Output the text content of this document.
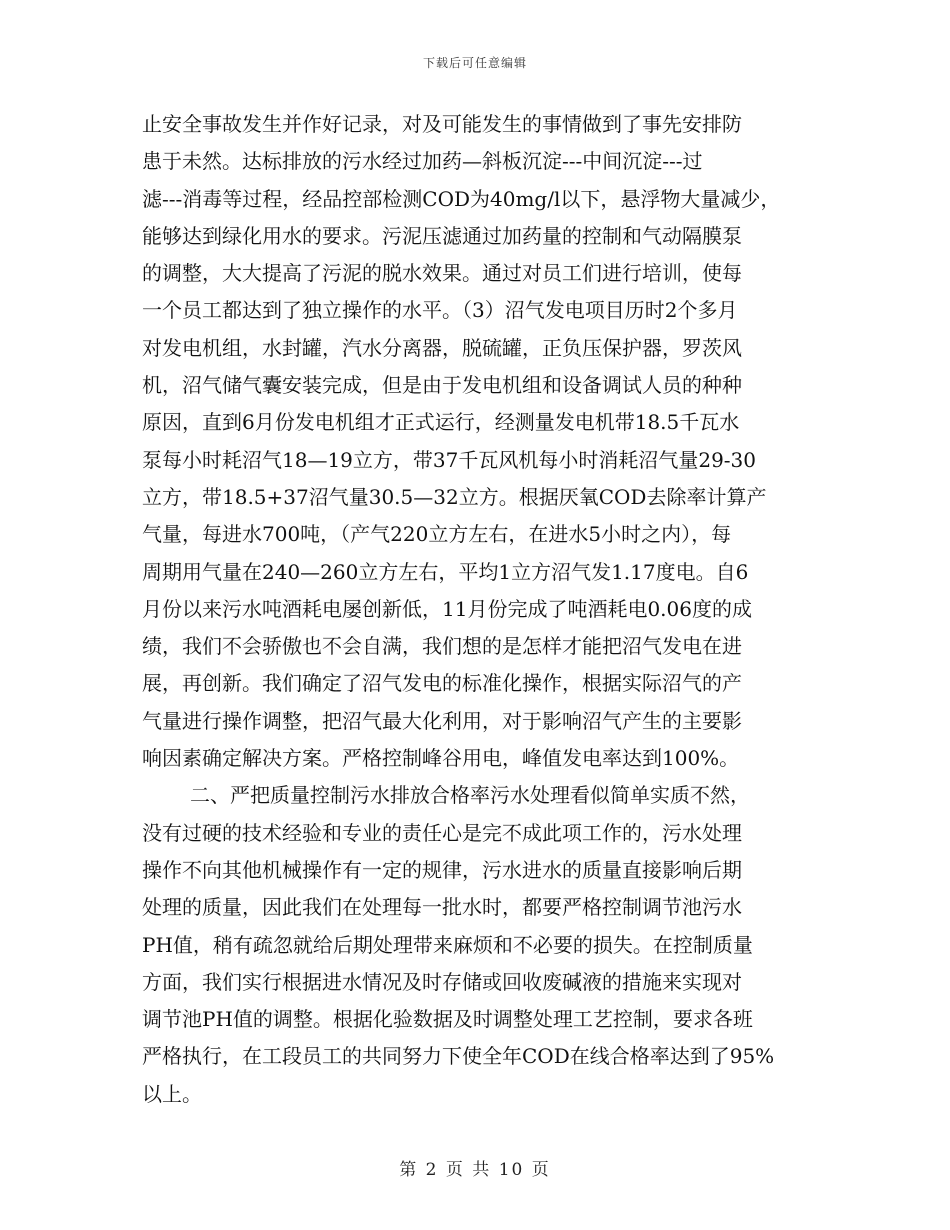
下载后可任意编辑
止安全事故发生并作好记录，对及可能发生的事情做到了事先安排防
患于未然。达标排放的污水经过加药—斜板沉淀---中间沉淀---过
滤---消毒等过程，经品控部检测COD为40mg/l以下，悬浮物大量减少，
能够达到绿化用水的要求。污泥压滤通过加药量的控制和气动隔膜泵
的调整，大大提高了污泥的脱水效果。通过对员工们进行培训，使每
一个员工都达到了独立操作的水平。（3）沼气发电项目历时2个多月
对发电机组，水封罐，汽水分离器，脱硫罐，正负压保护器，罗茨风
机，沼气储气囊安装完成，但是由于发电机组和设备调试人员的种种
原因，直到6月份发电机组才正式运行，经测量发电机带18.5千瓦水
泵每小时耗沼气18—19立方，带37千瓦风机每小时消耗沼气量29-30
立方，带18.5+37沼气量30.5—32立方。根据厌氧COD去除率计算产
气量，每进水700吨，（产气220立方左右，在进水5小时之内），每
周期用气量在240—260立方左右，平均1立方沼气发1.17度电。自6
月份以来污水吨酒耗电屡创新低，11月份完成了吨酒耗电0.06度的成
绩，我们不会骄傲也不会自满，我们想的是怎样才能把沼气发电在进
展，再创新。我们确定了沼气发电的标准化操作，根据实际沼气的产
气量进行操作调整，把沼气最大化利用，对于影响沼气产生的主要影
响因素确定解决方案。严格控制峰谷用电，峰值发电率达到100%。
二、严把质量控制污水排放合格率污水处理看似简单实质不然，
没有过硬的技术经验和专业的责任心是完不成此项工作的，污水处理
操作不向其他机械操作有一定的规律，污水进水的质量直接影响后期
处理的质量，因此我们在处理每一批水时，都要严格控制调节池污水
PH值，稍有疏忽就给后期处理带来麻烦和不必要的损失。在控制质量
方面，我们实行根据进水情况及时存储或回收废碱液的措施来实现对
调节池PH值的调整。根据化验数据及时调整处理工艺控制，要求各班
严格执行，在工段员工的共同努力下使全年COD在线合格率达到了95%
以上。
第 2 页 共 10 页
